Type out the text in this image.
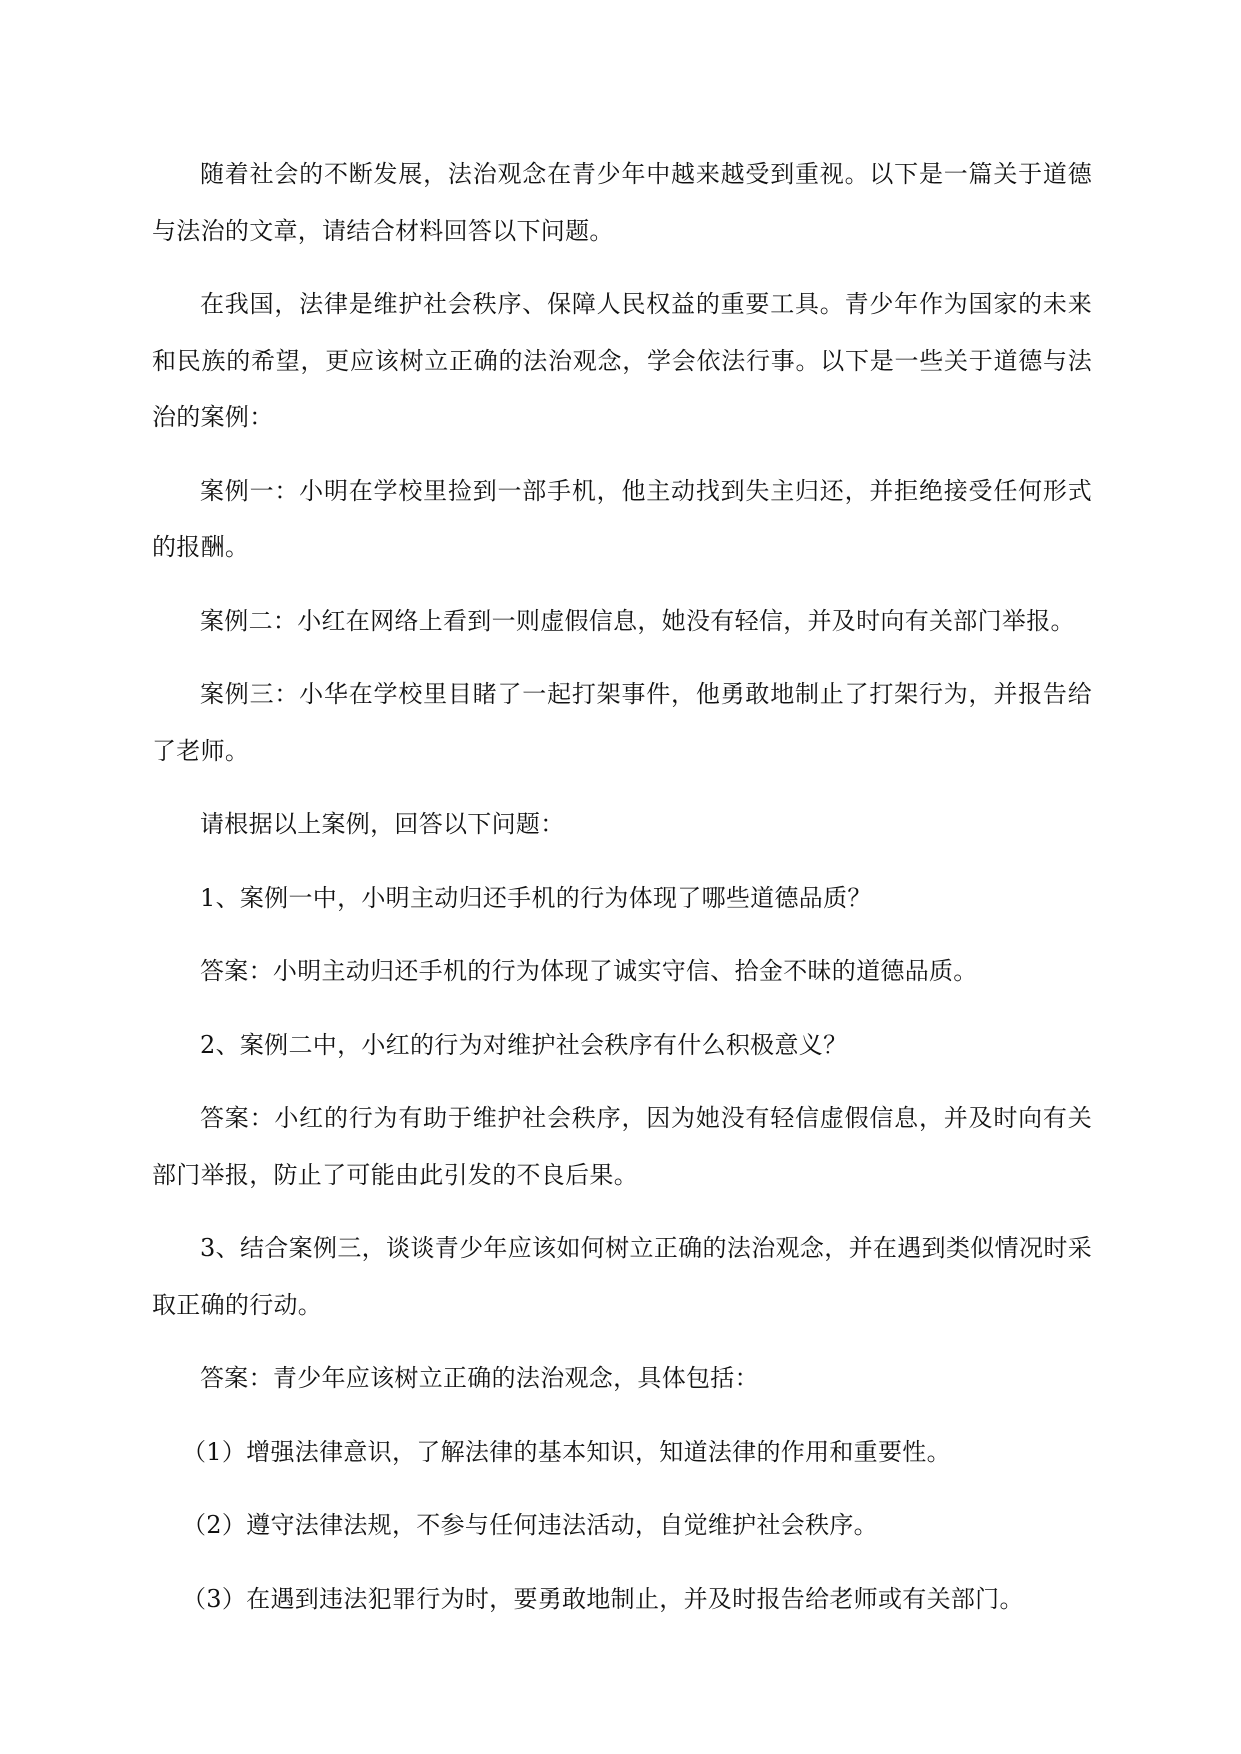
随着社会的不断发展，法治观念在青少年中越来越受到重视。以下是一篇关于道德与法治的文章，请结合材料回答以下问题。

在我国，法律是维护社会秩序、保障人民权益的重要工具。青少年作为国家的未来和民族的希望，更应该树立正确的法治观念，学会依法行事。以下是一些关于道德与法治的案例：

案例一：小明在学校里捡到一部手机，他主动找到失主归还，并拒绝接受任何形式的报酬。

案例二：小红在网络上看到一则虚假信息，她没有轻信，并及时向有关部门举报。

案例三：小华在学校里目睹了一起打架事件，他勇敢地制止了打架行为，并报告给了老师。

请根据以上案例，回答以下问题：

1、案例一中，小明主动归还手机的行为体现了哪些道德品质？

答案：小明主动归还手机的行为体现了诚实守信、拾金不昧的道德品质。

2、案例二中，小红的行为对维护社会秩序有什么积极意义？

答案：小红的行为有助于维护社会秩序，因为她没有轻信虚假信息，并及时向有关部门举报，防止了可能由此引发的不良后果。

3、结合案例三，谈谈青少年应该如何树立正确的法治观念，并在遇到类似情况时采取正确的行动。

答案：青少年应该树立正确的法治观念，具体包括：

（1）增强法律意识，了解法律的基本知识，知道法律的作用和重要性。

（2）遵守法律法规，不参与任何违法活动，自觉维护社会秩序。

（3）在遇到违法犯罪行为时，要勇敢地制止，并及时报告给老师或有关部门。
